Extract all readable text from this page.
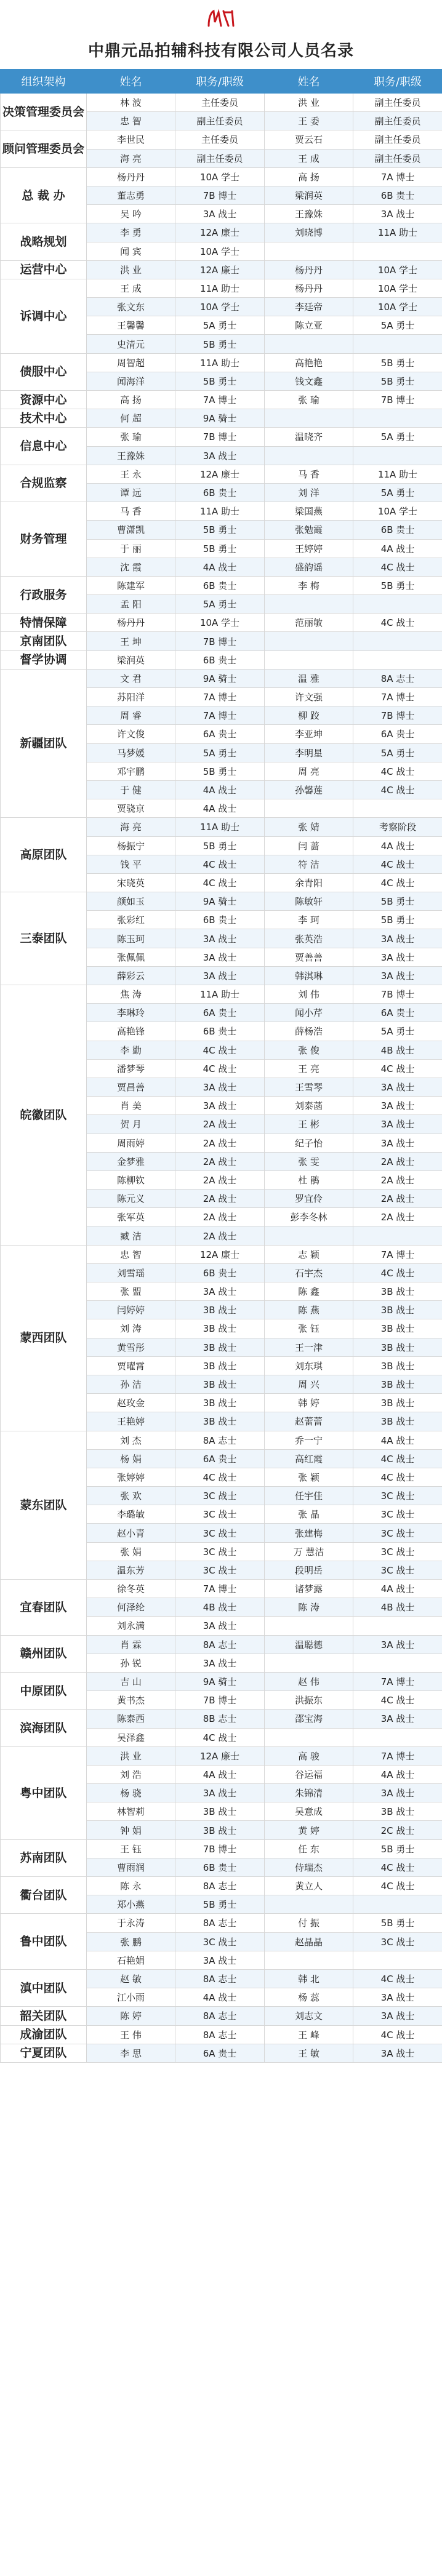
中鼎元品拍辅科技有限公司人员名录
组织架构	姓名	职务/职级	姓名	职务/职级
决策管理委员会	林 波	主任委员	洪 业	副主任委员
	忠 智	副主任委员	王 委	副主任委员
顾问管理委员会	李世民	主任委员	贾云石	副主任委员
	海 亮	副主任委员	王 成	副主任委员
总 裁 办	杨丹丹	10A 学士	高 扬	7A 博士
	董志勇	7B 博士	梁润英	6B 贵士
	吴 吟	3A 战士	王豫姝	3A 战士
战略规划	李 勇	12A 廉士	刘晓博	11A 助士
	闻 宾	10A 学士		
运营中心	洪 业	12A 廉士	杨丹丹	10A 学士
诉调中心	王 成	11A 助士	杨丹丹	10A 学士
	张文东	10A 学士	李廷帝	10A 学士
	王馨馨	5A 勇士	陈立亚	5A 勇士
	史清元	5B 勇士		
债服中心	周智超	11A 助士	高艳艳	5B 勇士
	闻海洋	5B 勇士	钱文鑫	5B 勇士
资源中心	高 扬	7A 博士	张 瑜	7B 博士
技术中心	何 超	9A 骑士		
信息中心	张 瑜	7B 博士	温晓齐	5A 勇士
	王豫姝	3A 战士		
合规监察	王 永	12A 廉士	马 香	11A 助士
	谭 远	6B 贵士	刘 洋	5A 勇士
财务管理	马 香	11A 助士	梁国燕	10A 学士
	曹潇凯	5B 勇士	张勉霞	6B 贵士
	于 丽	5B 勇士	王婷婷	4A 战士
	沈 霞	4A 战士	盛韵谣	4C 战士
行政服务	陈建军	6B 贵士	李 梅	5B 勇士
	孟 阳	5A 勇士		
特情保障	杨丹丹	10A 学士	范丽敏	4C 战士
京南团队	王 坤	7B 博士		
督学协调	梁润英	6B 贵士		
新疆团队	文 君	9A 骑士	温 雅	8A 志士
	苏阳洋	7A 博士	许文强	7A 博士
	周 睿	7A 博士	柳 跤	7B 博士
	许文俊	6A 贵士	李亚坤	6A 贵士
	马梦媛	5A 勇士	李明星	5A 勇士
	邓宇鹏	5B 勇士	周 亮	4C 战士
	于 健	4A 战士	孙馨莲	4C 战士
	贾骁京	4A 战士		
高原团队	海 亮	11A 助士	张 婧	考察阶段
	杨振宁	5B 勇士	闫 蔷	4A 战士
	钱 平	4C 战士	符 洁	4C 战士
	宋晓英	4C 战士	余青阳	4C 战士
三泰团队	颜如玉	9A 骑士	陈敏轩	5B 勇士
	张彩红	6B 贵士	李 珂	5B 勇士
	陈玉珂	3A 战士	张英浩	3A 战士
	张佩佩	3A 战士	贾善善	3A 战士
	薛彩云	3A 战士	韩淇琳	3A 战士
皖徽团队	焦 涛	11A 助士	刘 伟	7B 博士
	李琳玲	6A 贵士	闻小芹	6A 贵士
	高艳锋	6B 贵士	薛杨浩	5A 勇士
	李 勤	4C 战士	张 俊	4B 战士
	潘梦琴	4C 战士	王 亮	4C 战士
	贾昌善	3A 战士	王雪琴	3A 战士
	肖 美	3A 战士	刘泰菡	3A 战士
	贺 月	2A 战士	王 彬	3A 战士
	周雨婷	2A 战士	纪子怡	3A 战士
	金梦雅	2A 战士	张 雯	2A 战士
	陈柳钦	2A 战士	杜 鹃	2A 战士
	陈元义	2A 战士	罗宜伶	2A 战士
	张军英	2A 战士	彭李冬林	2A 战士
	臧 洁	2A 战士		
蒙西团队	忠 智	12A 廉士	志 颖	7A 博士
	刘雪瑶	6B 贵士	石宇杰	4C 战士
	张 盟	3A 战士	陈 鑫	3B 战士
	闫婷婷	3B 战士	陈 燕	3B 战士
	刘 涛	3B 战士	张 钰	3B 战士
	黄雪彤	3B 战士	王一津	3B 战士
	贾曜霄	3B 战士	刘东琪	3B 战士
	孙 洁	3B 战士	周 兴	3B 战士
	赵玫金	3B 战士	韩 婷	3B 战士
	王艳婷	3B 战士	赵蕾蕾	3B 战士
蒙东团队	刘 杰	8A 志士	乔一宁	4A 战士
	杨 娟	6A 贵士	高红霞	4C 战士
	张婷婷	4C 战士	张 颖	4C 战士
	张 欢	3C 战士	任宇佳	3C 战士
	李璐敏	3C 战士	张 晶	3C 战士
	赵小青	3C 战士	张建梅	3C 战士
	张 娟	3C 战士	万 慧洁	3C 战士
	温东芳	3C 战士	段明岳	3C 战士
宜春团队	徐冬英	7A 博士	诸梦露	4A 战士
	何泽纶	4B 战士	陈 涛	4B 战士
	刘永满	3A 战士		
赣州团队	肖 霖	8A 志士	温聪德	3A 战士
	孙 锐	3A 战士		
中原团队	吉 山	9A 骑士	赵 伟	7A 博士
	黄书杰	7B 博士	洪振东	4C 战士
滨海团队	陈泰西	8B 志士	邵宝海	3A 战士
	吴泽鑫	4C 战士		
粤中团队	洪 业	12A 廉士	高 骏	7A 博士
	刘 浩	4A 战士	谷运福	4A 战士
	杨 骁	3A 战士	朱锦清	3A 战士
	林智莉	3B 战士	吴意成	3B 战士
	钟 娟	3B 战士	黄 婷	2C 战士
苏南团队	王 钰	7B 博士	任 东	5B 勇士
	曹雨润	6B 贵士	侍瑞杰	4C 战士
衢台团队	陈 永	8A 志士	黄立人	4C 战士
	郑小燕	5B 勇士		
鲁中团队	于永涛	8A 志士	付 振	5B 勇士
	张 鹏	3C 战士	赵晶晶	3C 战士
	石艳娟	3A 战士		
滇中团队	赵 敏	8A 志士	韩 北	4C 战士
	江小雨	4A 战士	杨 蕊	3A 战士
韶关团队	陈 婷	8A 志士	刘志文	3A 战士
成渝团队	王 伟	8A 志士	王 峰	4C 战士
宁夏团队	李 思	6A 贵士	王 敏	3A 战士
